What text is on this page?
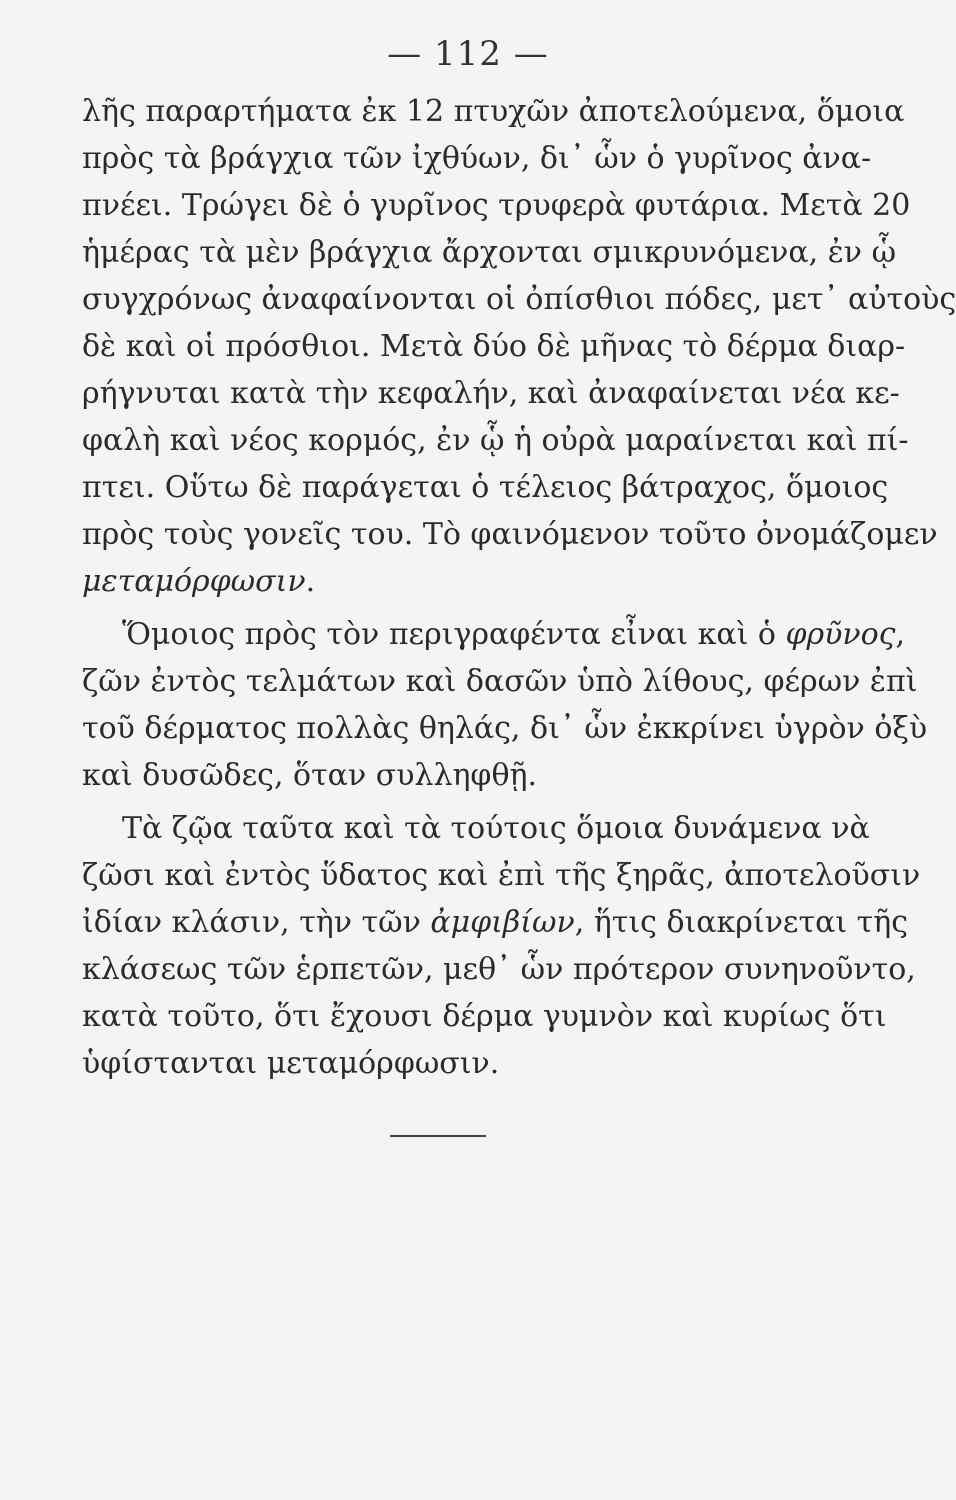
— 112 —
λῆς παραρτήματα ἐκ 12 πτυχῶν ἀποτελούμενα, ὅμοια
πρὸς τὰ βράγχια τῶν ἰχθύων, δι᾽ ὧν ὁ γυρῖνος ἀνα-
πνέει. Τρώγει δὲ ὁ γυρῖνος τρυφερὰ φυτάρια. Μετὰ 20
ἡμέρας τὰ μὲν βράγχια ἄρχονται σμικρυνόμενα, ἐν ᾧ
συγχρόνως ἀναφαίνονται οἱ ὀπίσθιοι πόδες, μετ᾽ αὐτοὺς
δὲ καὶ οἱ πρόσθιοι. Μετὰ δύο δὲ μῆνας τὸ δέρμα διαρ-
ρήγνυται κατὰ τὴν κεφαλήν, καὶ ἀναφαίνεται νέα κε-
φαλὴ καὶ νέος κορμός, ἐν ᾧ ἡ οὐρὰ μαραίνεται καὶ πί-
πτει. Οὕτω δὲ παράγεται ὁ τέλειος βάτραχος, ὅμοιος
πρὸς τοὺς γονεῖς του. Τὸ φαινόμενον τοῦτο ὀνομάζομεν
μεταμόρφωσιν.
Ὅμοιος πρὸς τὸν περιγραφέντα εἶναι καὶ ὁ φρῦνος,
ζῶν ἐντὸς τελμάτων καὶ δασῶν ὑπὸ λίθους, φέρων ἐπὶ
τοῦ δέρματος πολλὰς θηλάς, δι᾽ ὧν ἐκκρίνει ὑγρὸν ὀξὺ
καὶ δυσῶδες, ὅταν συλληφθῇ.
Τὰ ζῷα ταῦτα καὶ τὰ τούτοις ὅμοια δυνάμενα νὰ
ζῶσι καὶ ἐντὸς ὕδατος καὶ ἐπὶ τῆς ξηρᾶς, ἀποτελοῦσιν
ἰδίαν κλάσιν, τὴν τῶν ἀμφιβίων, ἥτις διακρίνεται τῆς
κλάσεως τῶν ἑρπετῶν, μεθ᾽ ὧν πρότερον συνηνοῦντο,
κατὰ τοῦτο, ὅτι ἔχουσι δέρμα γυμνὸν καὶ κυρίως ὅτι
ὑφίστανται μεταμόρφωσιν.
